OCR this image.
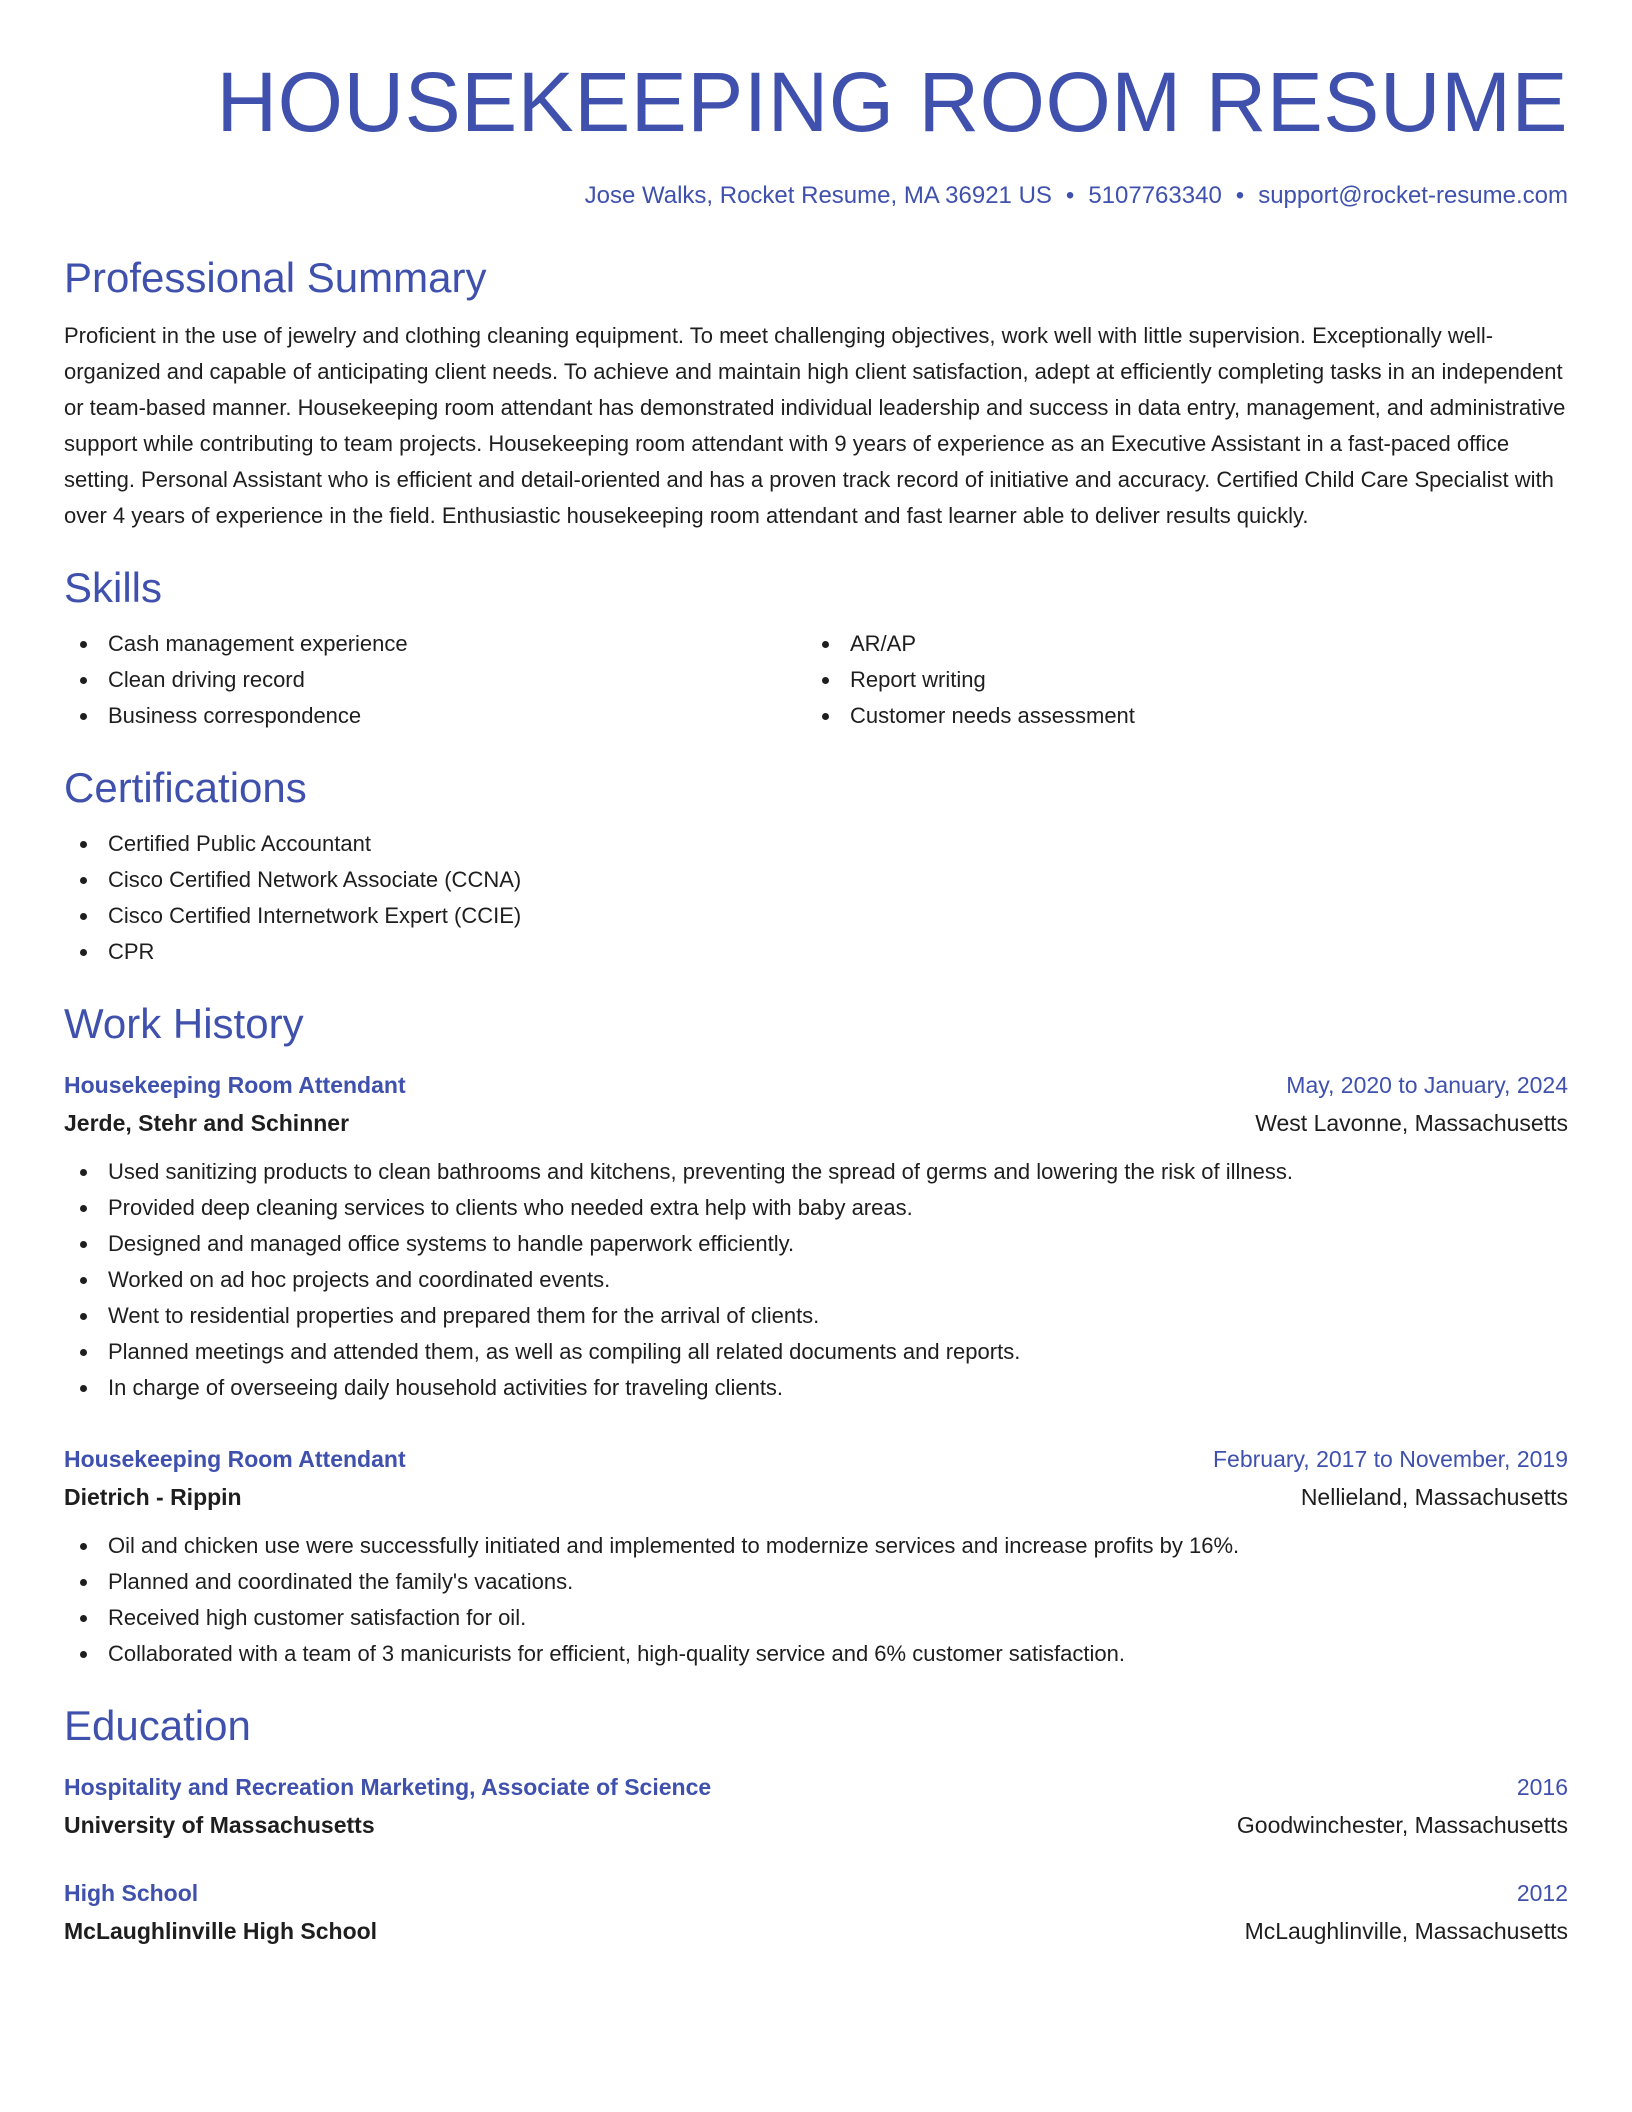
HOUSEKEEPING ROOM RESUME
Jose Walks, Rocket Resume, MA 36921 US • 5107763340 • support@rocket-resume.com
Professional Summary

Proficient in the use of jewelry and clothing cleaning equipment. To meet challenging objectives, work well with little supervision. Exceptionally well-organized and capable of anticipating client needs. To achieve and maintain high client satisfaction, adept at efficiently completing tasks in an independent or team-based manner. Housekeeping room attendant has demonstrated individual leadership and success in data entry, management, and administrative support while contributing to team projects. Housekeeping room attendant with 9 years of experience as an Executive Assistant in a fast-paced office setting. Personal Assistant who is efficient and detail-oriented and has a proven track record of initiative and accuracy. Certified Child Care Specialist with over 4 years of experience in the field. Enthusiastic housekeeping room attendant and fast learner able to deliver results quickly.

Skills
Cash management experience
Clean driving record
Business correspondence
AR/AP
Report writing
Customer needs assessment
Certifications
Certified Public Accountant
Cisco Certified Network Associate (CCNA)
Cisco Certified Internetwork Expert (CCIE)
CPR
Work History
Housekeeping Room Attendant	May, 2020 to January, 2024
Jerde, Stehr and Schinner	West Lavonne, Massachusetts
Used sanitizing products to clean bathrooms and kitchens, preventing the spread of germs and lowering the risk of illness.
Provided deep cleaning services to clients who needed extra help with baby areas.
Designed and managed office systems to handle paperwork efficiently.
Worked on ad hoc projects and coordinated events.
Went to residential properties and prepared them for the arrival of clients.
Planned meetings and attended them, as well as compiling all related documents and reports.
In charge of overseeing daily household activities for traveling clients.
Housekeeping Room Attendant	February, 2017 to November, 2019
Dietrich - Rippin	Nellieland, Massachusetts
Oil and chicken use were successfully initiated and implemented to modernize services and increase profits by 16%.
Planned and coordinated the family's vacations.
Received high customer satisfaction for oil.
Collaborated with a team of 3 manicurists for efficient, high-quality service and 6% customer satisfaction.
Education
Hospitality and Recreation Marketing, Associate of Science	2016
University of Massachusetts	Goodwinchester, Massachusetts
High School	2012
McLaughlinville High School	McLaughlinville, Massachusetts
